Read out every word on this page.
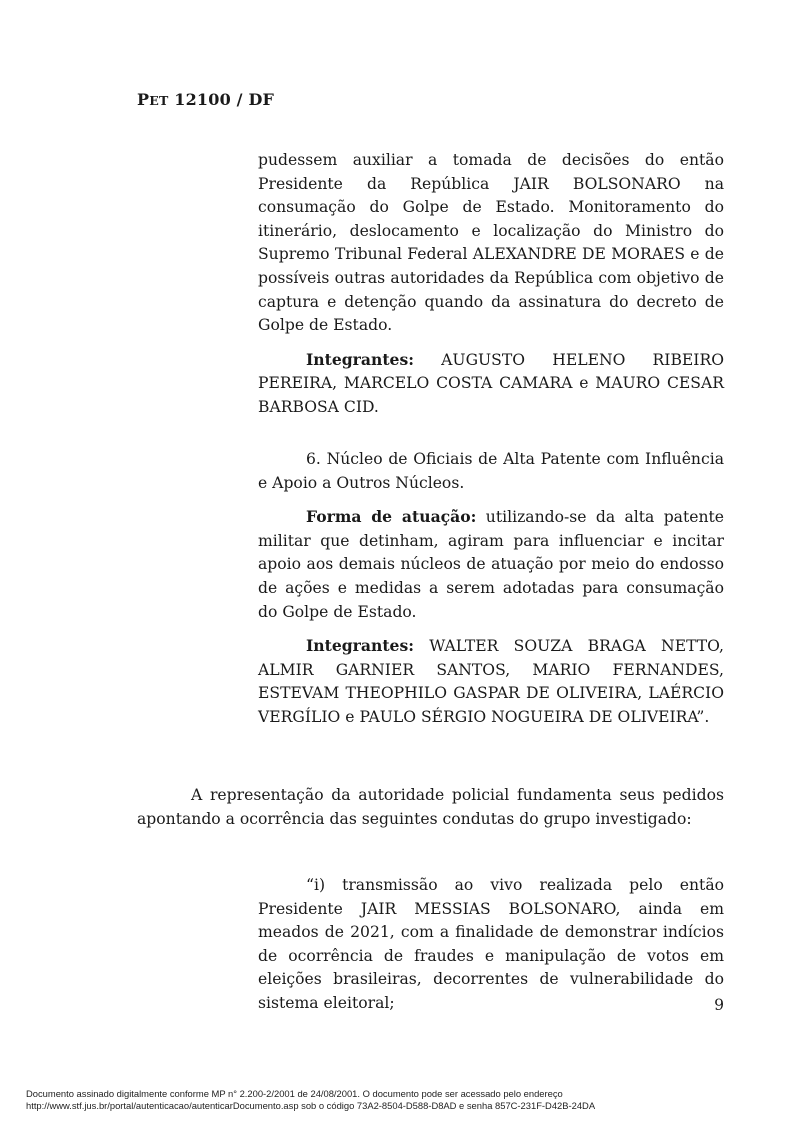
PET 12100 / DF

pudessem auxiliar a tomada de decisões do então Presidente da República JAIR BOLSONARO na consumação do Golpe de Estado. Monitoramento do itinerário, deslocamento e localização do Ministro do Supremo Tribunal Federal ALEXANDRE DE MORAES e de possíveis outras autoridades da República com objetivo de captura e detenção quando da assinatura do decreto de Golpe de Estado.

Integrantes: AUGUSTO HELENO RIBEIRO PEREIRA, MARCELO COSTA CAMARA e MAURO CESAR BARBOSA CID.

6. Núcleo de Oficiais de Alta Patente com Influência e Apoio a Outros Núcleos.

Forma de atuação: utilizando-se da alta patente militar que detinham, agiram para influenciar e incitar apoio aos demais núcleos de atuação por meio do endosso de ações e medidas a serem adotadas para consumação do Golpe de Estado.

Integrantes: WALTER SOUZA BRAGA NETTO, ALMIR GARNIER SANTOS, MARIO FERNANDES, ESTEVAM THEOPHILO GASPAR DE OLIVEIRA, LAÉRCIO VERGÍLIO e PAULO SÉRGIO NOGUEIRA DE OLIVEIRA”.

A representação da autoridade policial fundamenta seus pedidos apontando a ocorrência das seguintes condutas do grupo investigado:

“i) transmissão ao vivo realizada pelo então Presidente JAIR MESSIAS BOLSONARO, ainda em meados de 2021, com a finalidade de demonstrar indícios de ocorrência de fraudes e manipulação de votos em eleições brasileiras, decorrentes de vulnerabilidade do sistema eleitoral;	9
Documento assinado digitalmente conforme MP n° 2.200-2/2001 de 24/08/2001. O documento pode ser acessado pelo endereço
http://www.stf.jus.br/portal/autenticacao/autenticarDocumento.asp sob o código 73A2-8504-D588-D8AD e senha 857C-231F-D42B-24DA
